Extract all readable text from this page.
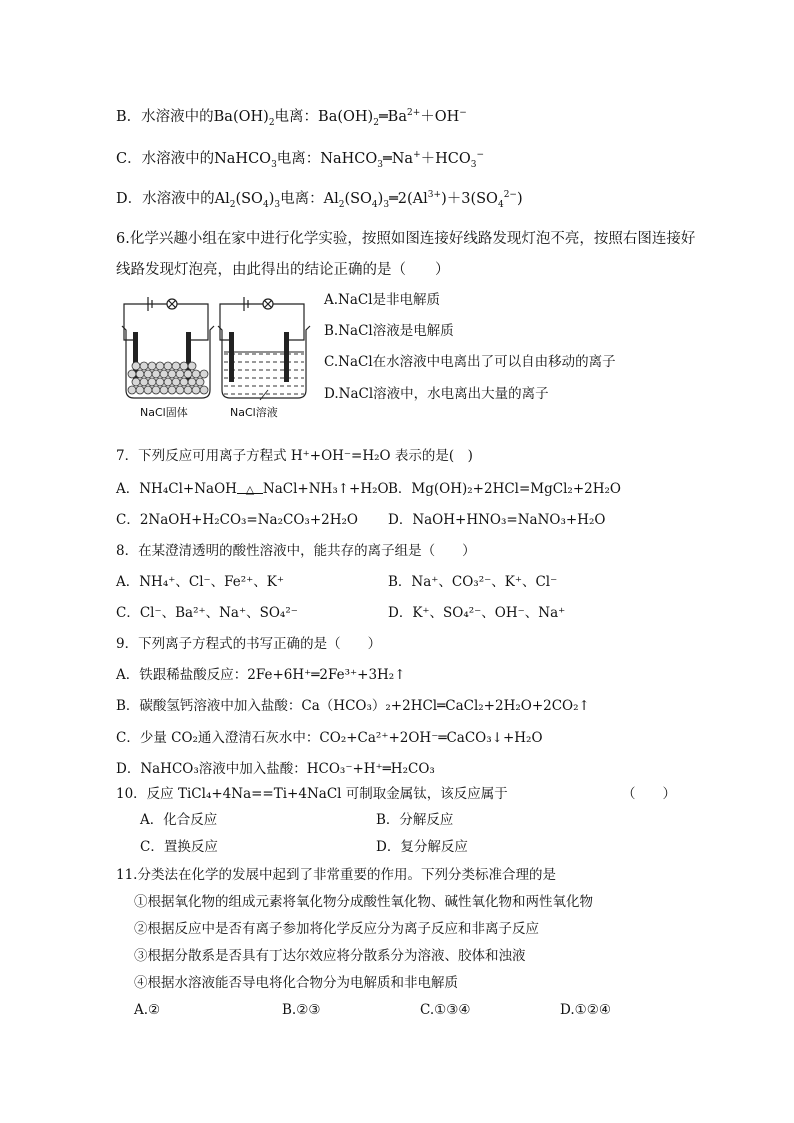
B．水溶液中的$Ba(OH)_2$电离：$Ba(OH)_2═Ba^{2+}+OH^-$
C．水溶液中的NaHCO$_3$电离：$NaHCO_3═Na^++HCO_3^-$
D．水溶液中的$Al_2(SO_4)_3$电离：$Al_2(SO_4)_3═2(Al^{3+})+3(SO_4^{2-})$
6.化学兴趣小组在家中进行化学实验，按照如图连接好线路发现灯泡不亮，按照右图连接好
线路发现灯泡亮，由此得出的结论正确的是（　　）
NaCl固体	NaCl溶液
A.NaCl是非电解质
B.NaCl溶液是电解质
C.NaCl在水溶液中电离出了可以自由移动的离子
D.NaCl溶液中，水电离出大量的离子
7．下列反应可用离子方程式 H⁺+OH⁻=H₂O 表示的是(　)
A．NH₄Cl+NaOH △ NaCl+NH₃↑+H₂O B．Mg(OH)₂+2HCl=MgCl₂+2H₂O
C．2NaOH+H₂CO₃=Na₂CO₃+2H₂O D．NaOH+HNO₃=NaNO₃+H₂O
8．在某澄清透明的酸性溶液中，能共存的离子组是（　　）
A．NH₄⁺、Cl⁻、Fe²⁺、K⁺	B．Na⁺、CO₃²⁻、K⁺、Cl⁻
C．Cl⁻、Ba²⁺、Na⁺、SO₄²⁻	D．K⁺、SO₄²⁻、OH⁻、Na⁺
9．下列离子方程式的书写正确的是（　　）
A．铁跟稀盐酸反应：2Fe+6H⁺═2Fe³⁺+3H₂↑
B．碳酸氢钙溶液中加入盐酸：Ca（HCO₃）₂+2HCl═CaCl₂+2H₂O+2CO₂↑
C．少量 CO₂通入澄清石灰水中：CO₂+Ca²⁺+2OH⁻═CaCO₃↓+H₂O
D．NaHCO₃溶液中加入盐酸：HCO₃⁻+H⁺═H₂CO₃
10．反应 TiCl₄+4Na==Ti+4NaCl 可制取金属钛，该反应属于	（　　）
A．化合反应	B．分解反应
C．置换反应	D．复分解反应
11.分类法在化学的发展中起到了非常重要的作用。下列分类标准合理的是
①根据氧化物的组成元素将氧化物分成酸性氧化物、碱性氧化物和两性氧化物
②根据反应中是否有离子参加将化学反应分为离子反应和非离子反应
③根据分散系是否具有丁达尔效应将分散系分为溶液、胶体和浊液
④根据水溶液能否导电将化合物分为电解质和非电解质
A.②	B.②③	C.①③④	D.①②④
